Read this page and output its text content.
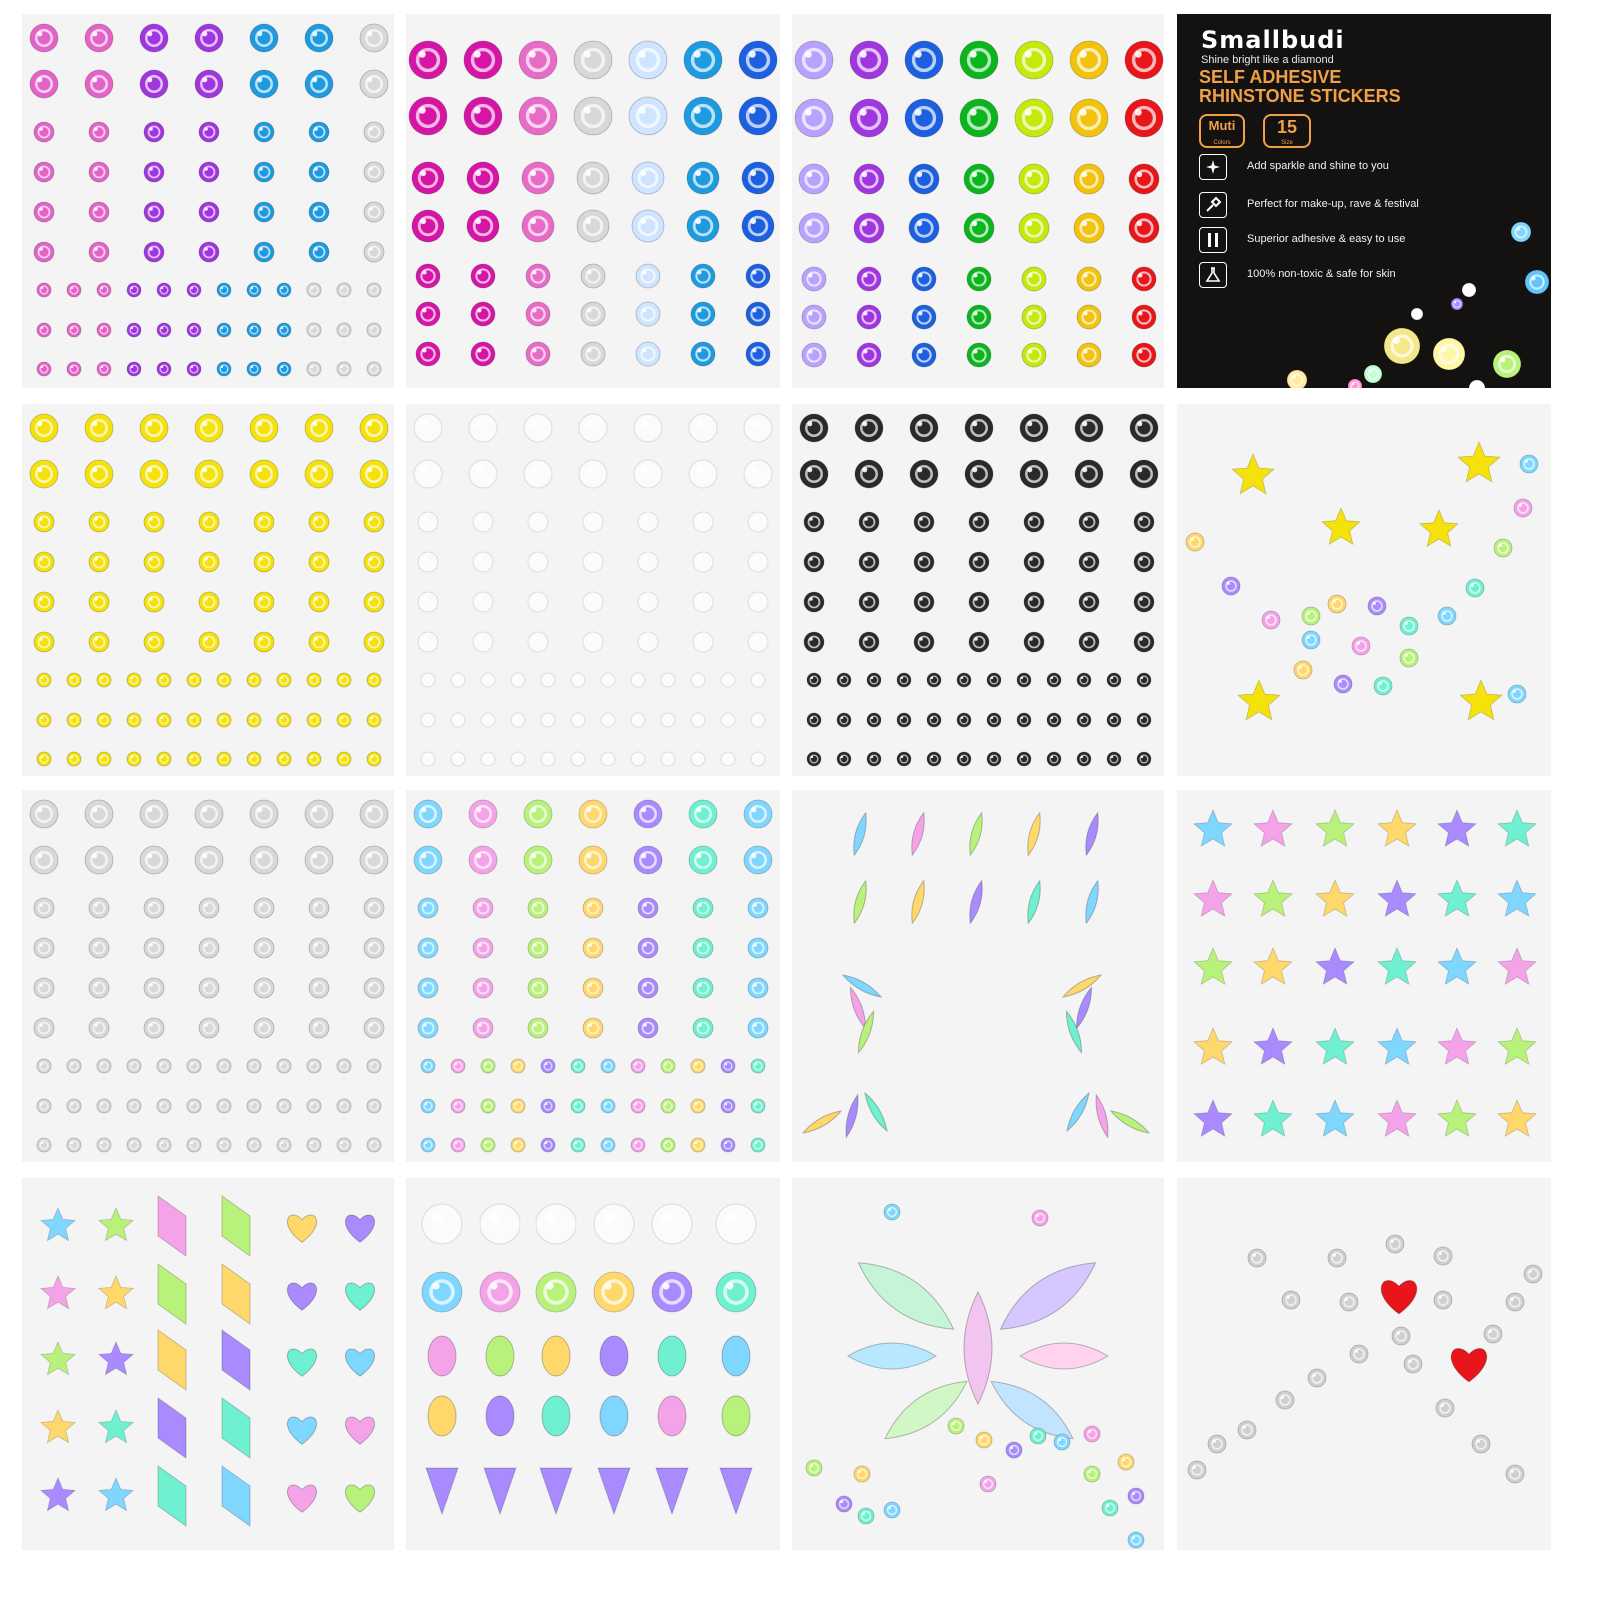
Smallbudi
Shine bright like a diamond
SELF ADHESIVE
RHINSTONE STICKERS
Muti
Colors
15
Size
Add sparkle and shine to you
Perfect for make-up, rave & festival
Superior adhesive & easy to use
100% non-toxic & safe for skin
